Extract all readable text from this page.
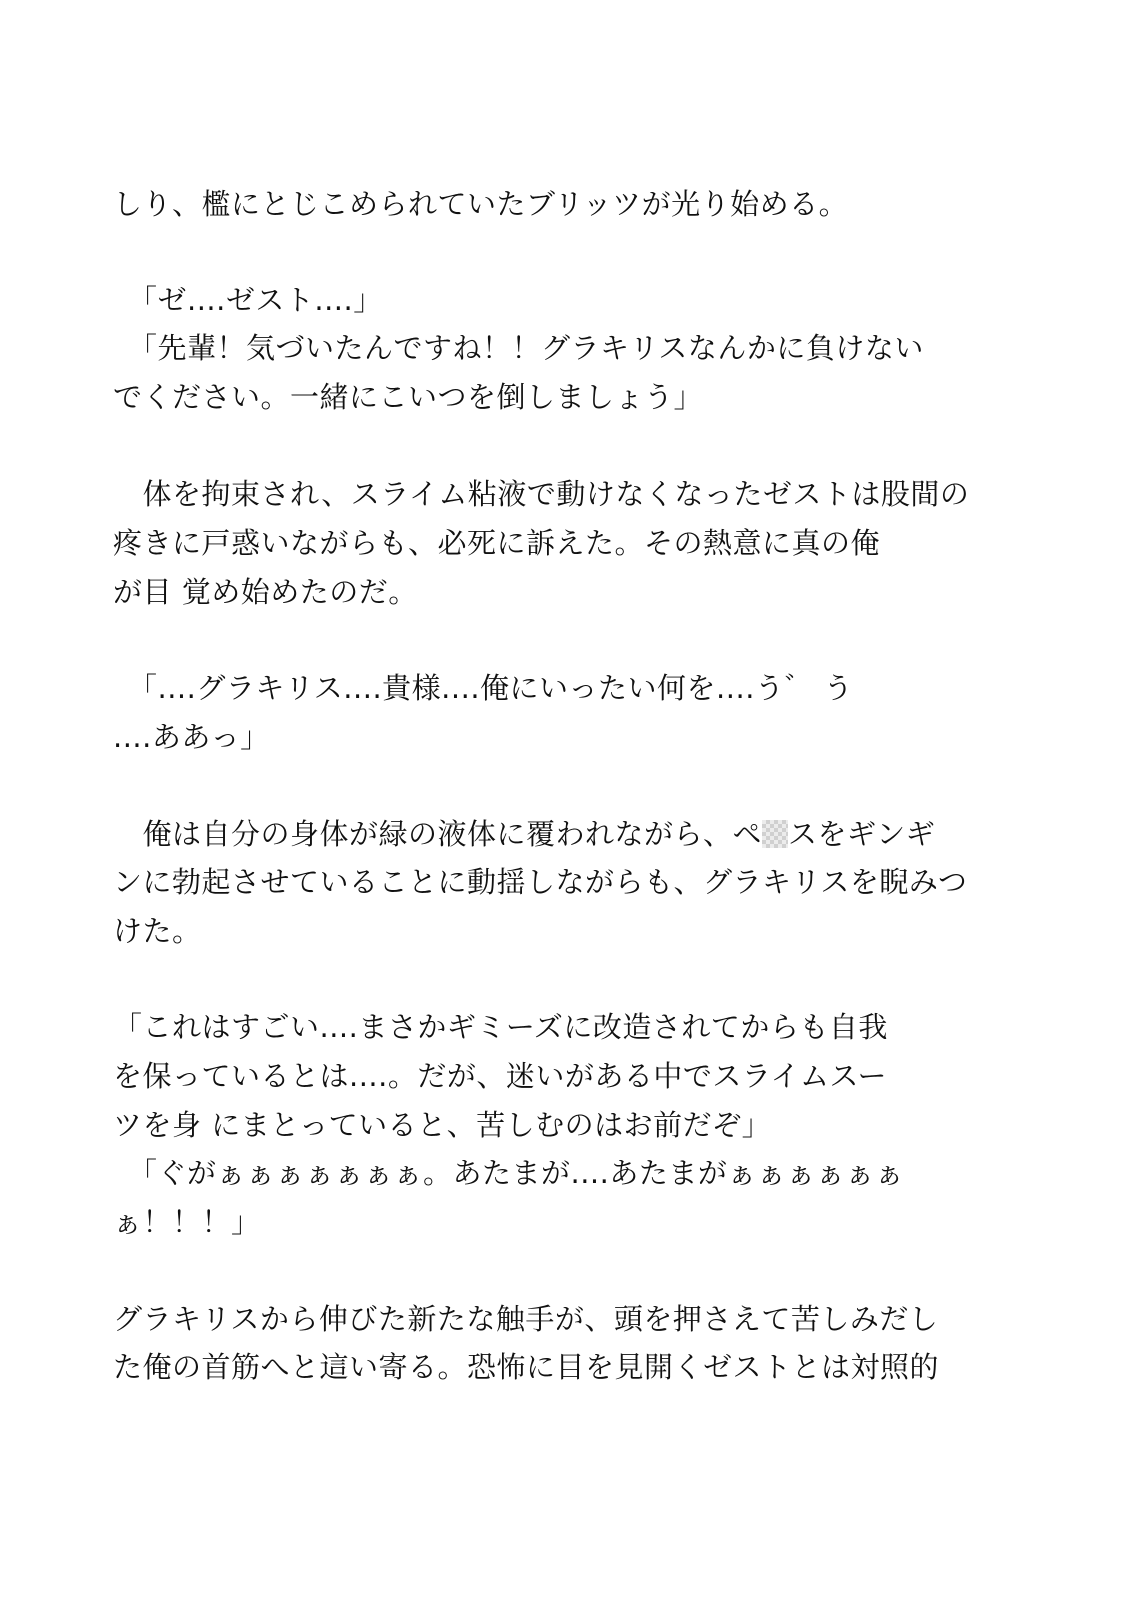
しり、檻にとじこめられていたブリッツが光り始める。
　「ゼ....ゼスト....」
　「先輩！気づいたんですね！！グラキリスなんかに負けない
でください。一緒にこいつを倒しましょう」
　体を拘束され、スライム粘液で動けなくなったゼストは股間の
疼きに戸惑いながらも、必死に訴えた。その熱意に真の俺
が目 覚め始めたのだ。
　「....グラキリス....貴様....俺にいったい何を....う゛ う
....ああっ」
　俺は自分の身体が緑の液体に覆われながら、ペ スをギンギ
ンに勃起させていることに動揺しながらも、グラキリスを睨みつ
けた。
「これはすごい....まさかギミーズに改造されてからも自我
を保っているとは....。だが、迷いがある中でスライムスー
ツを身 にまとっていると、苦しむのはお前だぞ」
　「ぐがぁぁぁぁぁぁぁ。あたまが....あたまがぁぁぁぁぁぁ
ぁ！！！」
グラキリスから伸びた新たな触手が、頭を押さえて苦しみだし
た俺の首筋へと這い寄る。恐怖に目を見開くゼストとは対照的
